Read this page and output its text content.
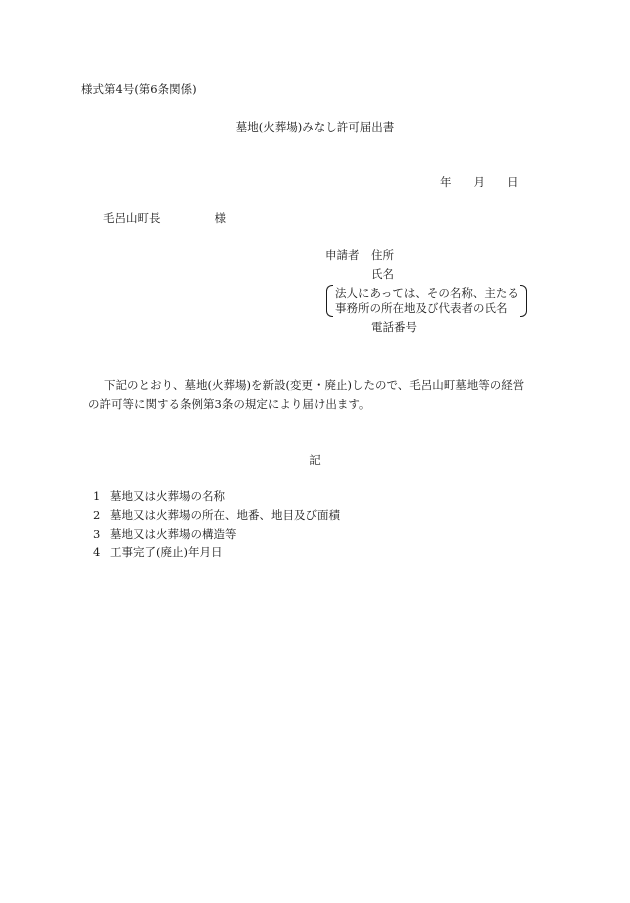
様式第4号(第6条関係)
墓地(火葬場)みなし許可届出書
年 月 日
毛呂山町長	様
申請者 住所
氏名
法人にあっては、その名称、主たる
事務所の所在地及び代表者の氏名
電話番号
下記のとおり、墓地(火葬場)を新設(変更・廃止)したので、毛呂山町墓地等の経営
の許可等に関する条例第3条の規定により届け出ます。
記
1 墓地又は火葬場の名称
2 墓地又は火葬場の所在、地番、地目及び面積
3 墓地又は火葬場の構造等
4 工事完了(廃止)年月日
